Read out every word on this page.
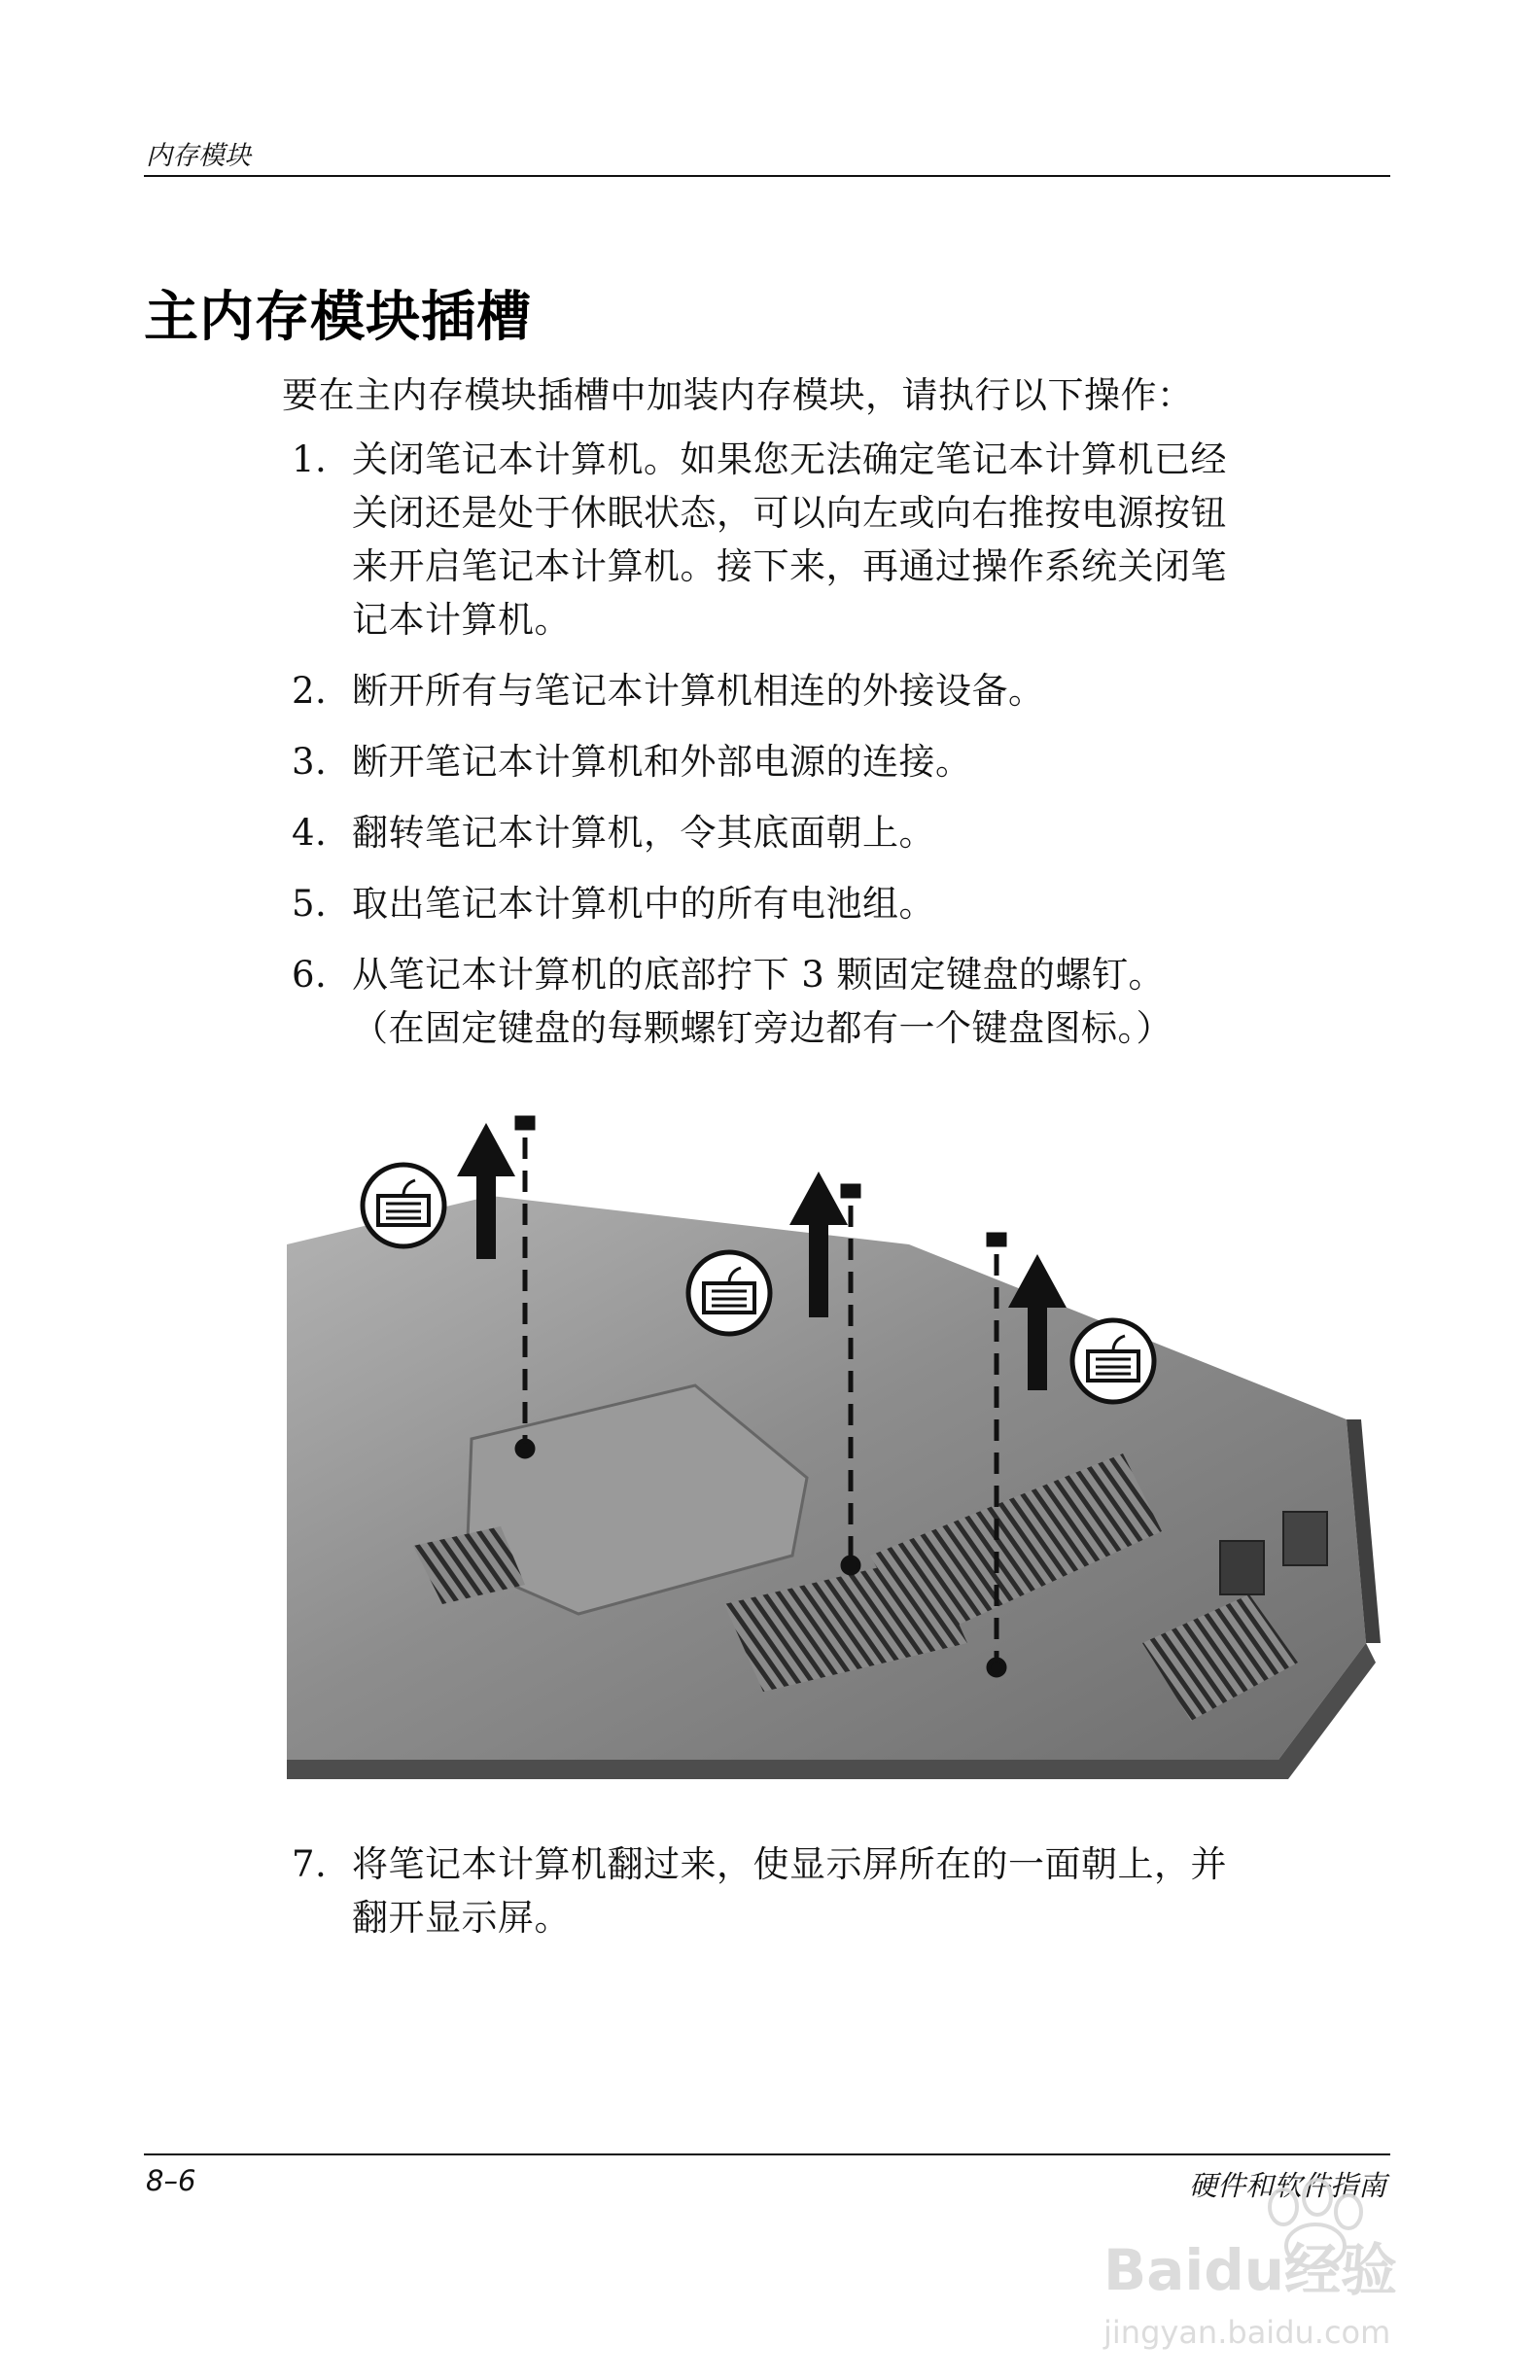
内存模块
主内存模块插槽
要在主内存模块插槽中加装内存模块，请执行以下操作：
1. 关闭笔记本计算机。如果您无法确定笔记本计算机已经
关闭还是处于休眠状态，可以向左或向右推按电源按钮
来开启笔记本计算机。接下来，再通过操作系统关闭笔
记本计算机。
2. 断开所有与笔记本计算机相连的外接设备。
3. 断开笔记本计算机和外部电源的连接。
4. 翻转笔记本计算机，令其底面朝上。
5. 取出笔记本计算机中的所有电池组。
6. 从笔记本计算机的底部拧下 3 颗固定键盘的螺钉。
（在固定键盘的每颗螺钉旁边都有一个键盘图标。）
7. 将笔记本计算机翻过来，使显示屏所在的一面朝上，并
翻开显示屏。
8–6	硬件和软件指南
Baidu经验
jingyan.baidu.com
